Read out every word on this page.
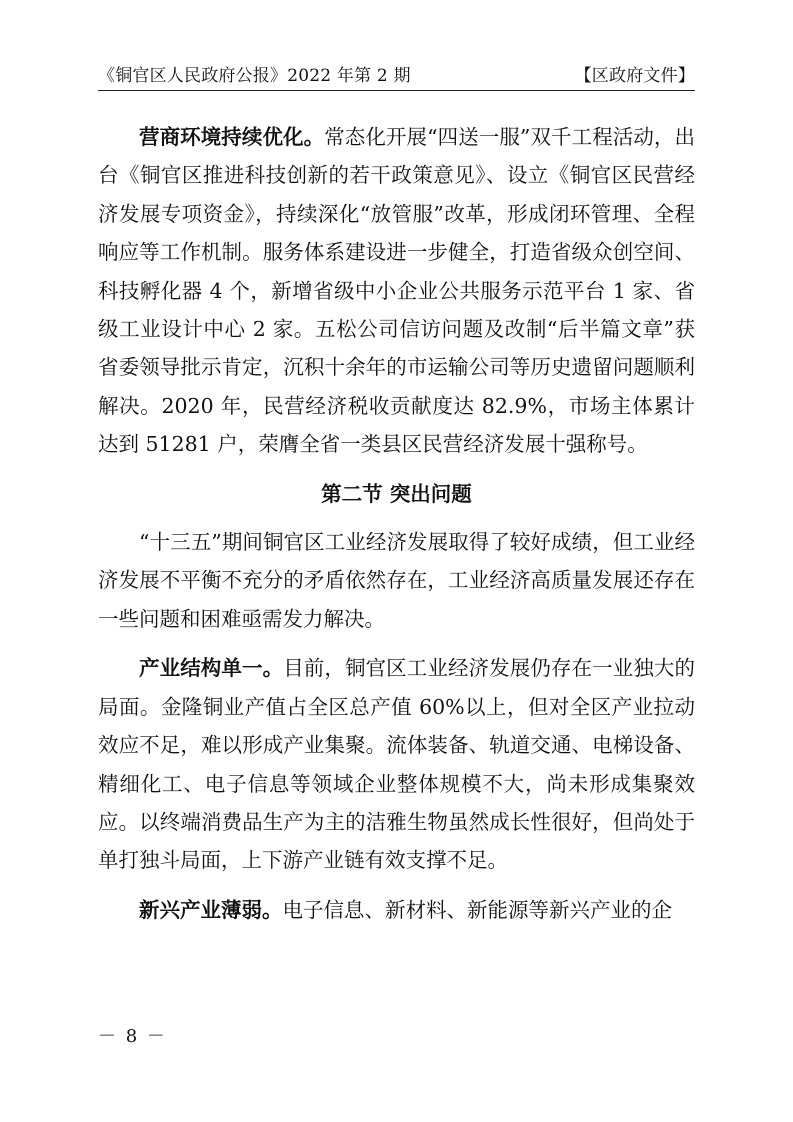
《铜官区人民政府公报》2022 年第 2 期	【区政府文件】

营商环境持续优化。常态化开展“四送一服”双千工程活动，出台《铜官区推进科技创新的若干政策意见》、设立《铜官区民营经济发展专项资金》，持续深化“放管服”改革，形成闭环管理、全程响应等工作机制。服务体系建设进一步健全，打造省级众创空间、科技孵化器 4 个，新增省级中小企业公共服务示范平台 1 家、省级工业设计中心 2 家。五松公司信访问题及改制“后半篇文章”获省委领导批示肯定，沉积十余年的市运输公司等历史遗留问题顺利解决。2020 年，民营经济税收贡献度达 82.9%，市场主体累计达到 51281 户，荣膺全省一类县区民营经济发展十强称号。

第二节 突出问题

“十三五”期间铜官区工业经济发展取得了较好成绩，但工业经济发展不平衡不充分的矛盾依然存在，工业经济高质量发展还存在一些问题和困难亟需发力解决。

产业结构单一。目前，铜官区工业经济发展仍存在一业独大的局面。金隆铜业产值占全区总产值 60%以上，但对全区产业拉动效应不足，难以形成产业集聚。流体装备、轨道交通、电梯设备、精细化工、电子信息等领域企业整体规模不大，尚未形成集聚效应。以终端消费品生产为主的洁雅生物虽然成长性很好，但尚处于单打独斗局面，上下游产业链有效支撑不足。

新兴产业薄弱。电子信息、新材料、新能源等新兴产业的企

－ 8 －
